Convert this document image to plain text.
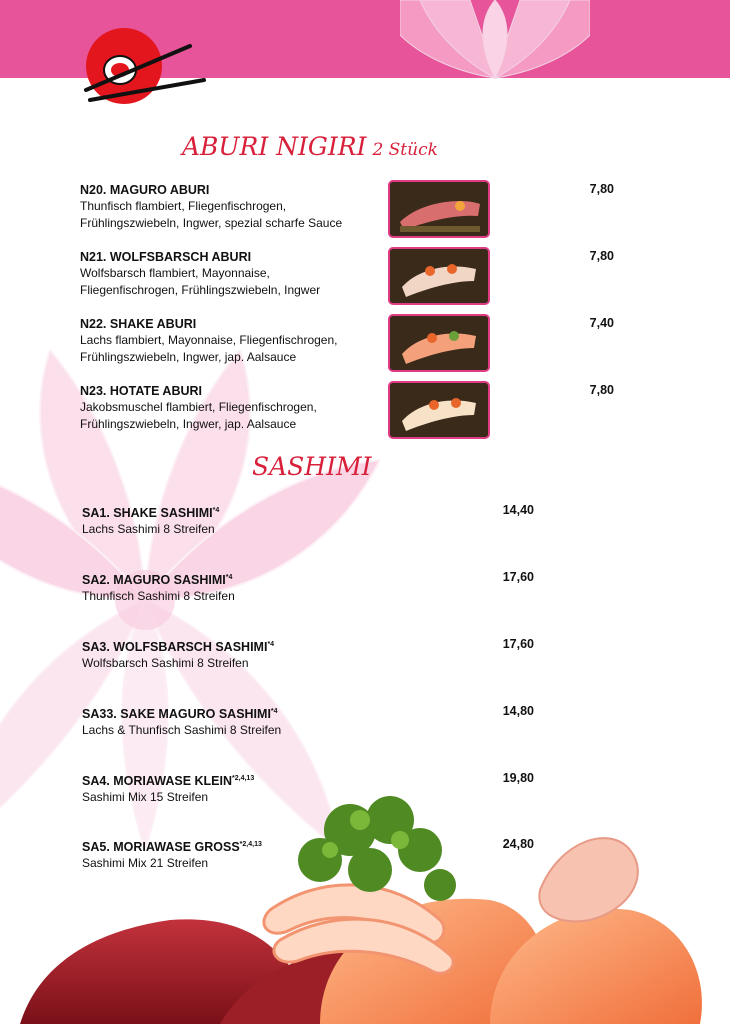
ABURI NIGIRI 2 Stück
N20. MAGURO ABURI
Thunfisch flambiert, Fliegenfischrogen,
Frühlingszwiebeln, Ingwer, spezial scharfe Sauce
7,80
N21. WOLFSBARSCH ABURI
Wolfsbarsch flambiert, Mayonnaise,
Fliegenfischrogen, Frühlingszwiebeln, Ingwer
7,80
N22. SHAKE ABURI
Lachs flambiert, Mayonnaise, Fliegenfischrogen,
Frühlingszwiebeln, Ingwer, jap. Aalsauce
7,40
N23. HOTATE ABURI
Jakobsmuschel flambiert, Fliegenfischrogen,
Frühlingszwiebeln, Ingwer, jap. Aalsauce
7,80
SASHIMI
SA1. SHAKE SASHIMI$^{*4}$
Lachs Sashimi 8 Streifen
14,40
SA2. MAGURO SASHIMI$^{*4}$
Thunfisch Sashimi 8 Streifen
17,60
SA3. WOLFSBARSCH SASHIMI$^{*4}$
Wolfsbarsch Sashimi 8 Streifen
17,60
SA33. SAKE MAGURO SASHIMI$^{*4}$
Lachs & Thunfisch Sashimi 8 Streifen
14,80
SA4. MORIAWASE KLEIN$^{*2,4,13}$
Sashimi Mix 15 Streifen
19,80
SA5. MORIAWASE GROSS$^{*2,4,13}$
Sashimi Mix 21 Streifen
24,80
